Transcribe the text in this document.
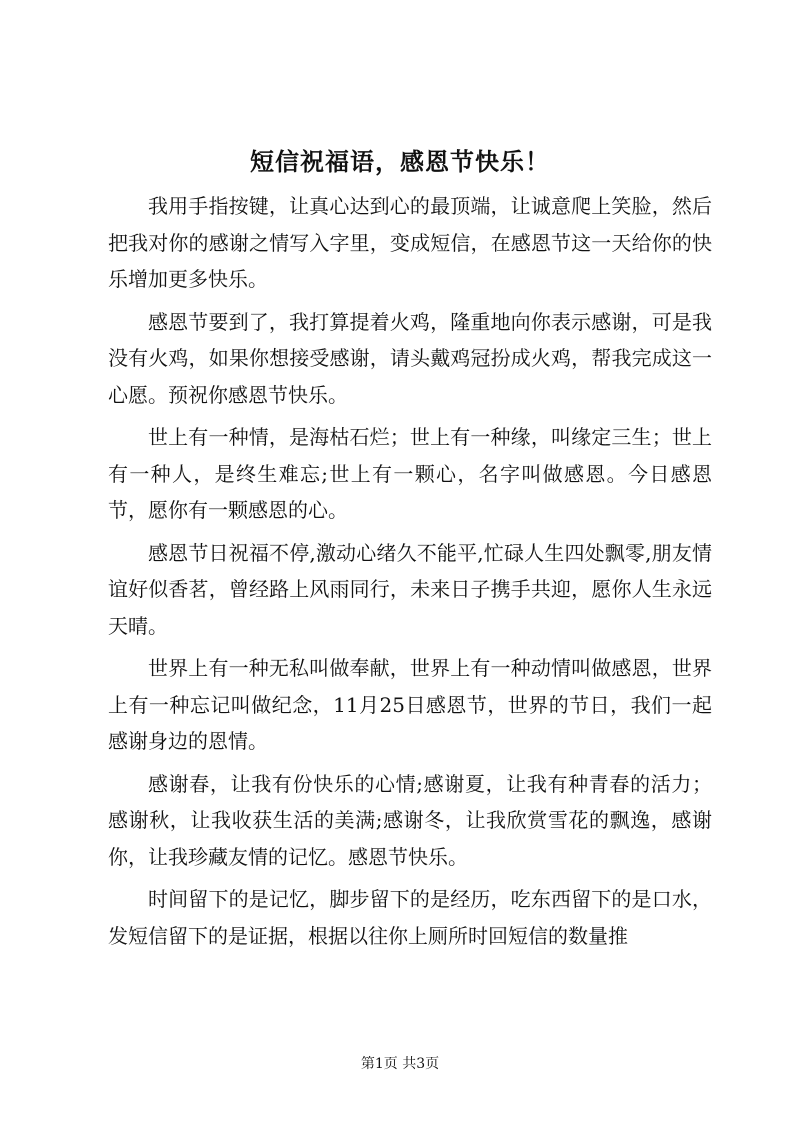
短信祝福语，感恩节快乐！

我用手指按键，让真心达到心的最顶端，让诚意爬上笑脸，然后把我对你的感谢之情写入字里，变成短信，在感恩节这一天给你的快乐增加更多快乐。

感恩节要到了，我打算提着火鸡，隆重地向你表示感谢，可是我没有火鸡，如果你想接受感谢，请头戴鸡冠扮成火鸡，帮我完成这一心愿。预祝你感恩节快乐。

世上有一种情，是海枯石烂；世上有一种缘，叫缘定三生；世上有一种人，是终生难忘;世上有一颗心，名字叫做感恩。今日感恩节，愿你有一颗感恩的心。

感恩节日祝福不停,激动心绪久不能平,忙碌人生四处飘零,朋友情谊好似香茗，曾经路上风雨同行，未来日子携手共迎，愿你人生永远天晴。

世界上有一种无私叫做奉献，世界上有一种动情叫做感恩，世界上有一种忘记叫做纪念，11月25日感恩节，世界的节日，我们一起感谢身边的恩情。

感谢春，让我有份快乐的心情;感谢夏，让我有种青春的活力；感谢秋，让我收获生活的美满;感谢冬，让我欣赏雪花的飘逸，感谢你，让我珍藏友情的记忆。感恩节快乐。

时间留下的是记忆，脚步留下的是经历，吃东西留下的是口水，发短信留下的是证据，根据以往你上厕所时回短信的数量推

第1页 共3页
